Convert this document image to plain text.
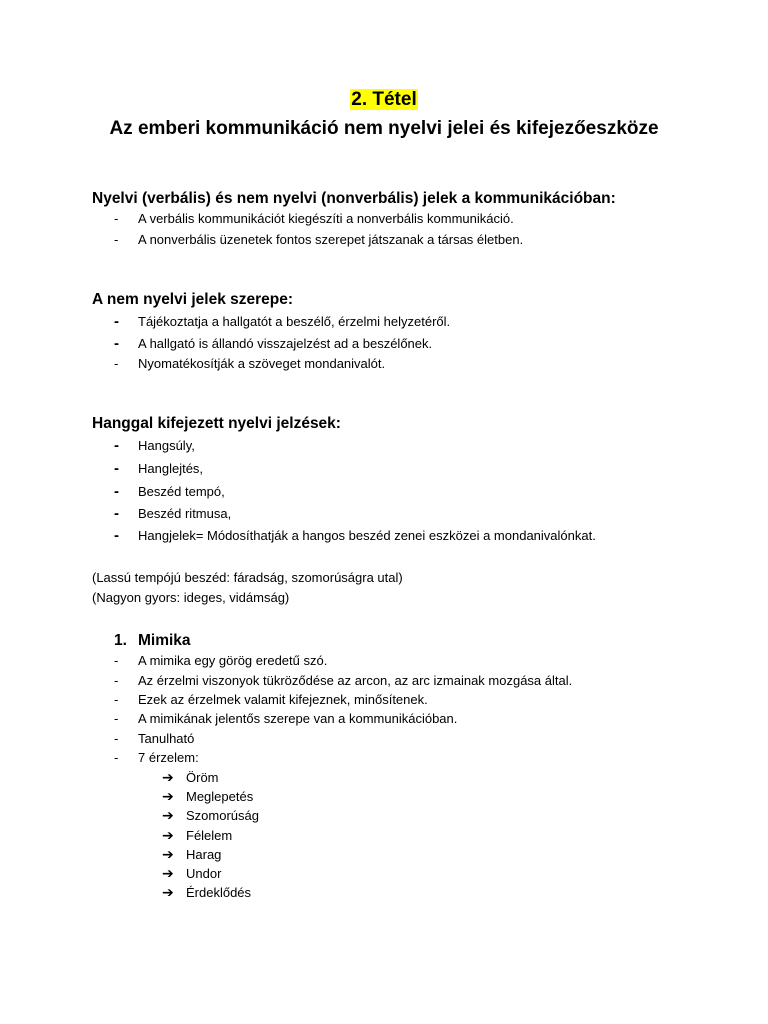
2. Tétel
Az emberi kommunikáció nem nyelvi jelei és kifejezőeszköze
Nyelvi (verbális) és nem nyelvi (nonverbális) jelek a kommunikációban:
- A verbális kommunikációt kiegészíti a nonverbális kommunikáció.
- A nonverbális üzenetek fontos szerepet játszanak a társas életben.
A nem nyelvi jelek szerepe:
- Tájékoztatja a hallgatót a beszélő, érzelmi helyzetéről.
- A hallgató is állandó visszajelzést ad a beszélőnek.
- Nyomatékosítják a szöveget mondanivalót.
Hanggal kifejezett nyelvi jelzések:
- Hangsúly,
- Hanglejtés,
- Beszéd tempó,
- Beszéd ritmusa,
- Hangjelek= Módosíthatják a hangos beszéd zenei eszközei a mondanivalónkat.
(Lassú tempójú beszéd: fáradság, szomorúságra utal)
(Nagyon gyors: ideges, vidámság)
1. Mimika
- A mimika egy görög eredetű szó.
- Az érzelmi viszonyok tükröződése az arcon, az arc izmainak mozgása által.
- Ezek az érzelmek valamit kifejeznek, minősítenek.
- A mimikának jelentős szerepe van a kommunikációban.
- Tanulható
- 7 érzelem:
➔ Öröm
➔ Meglepetés
➔ Szomorúság
➔ Félelem
➔ Harag
➔ Undor
➔ Érdeklődés
